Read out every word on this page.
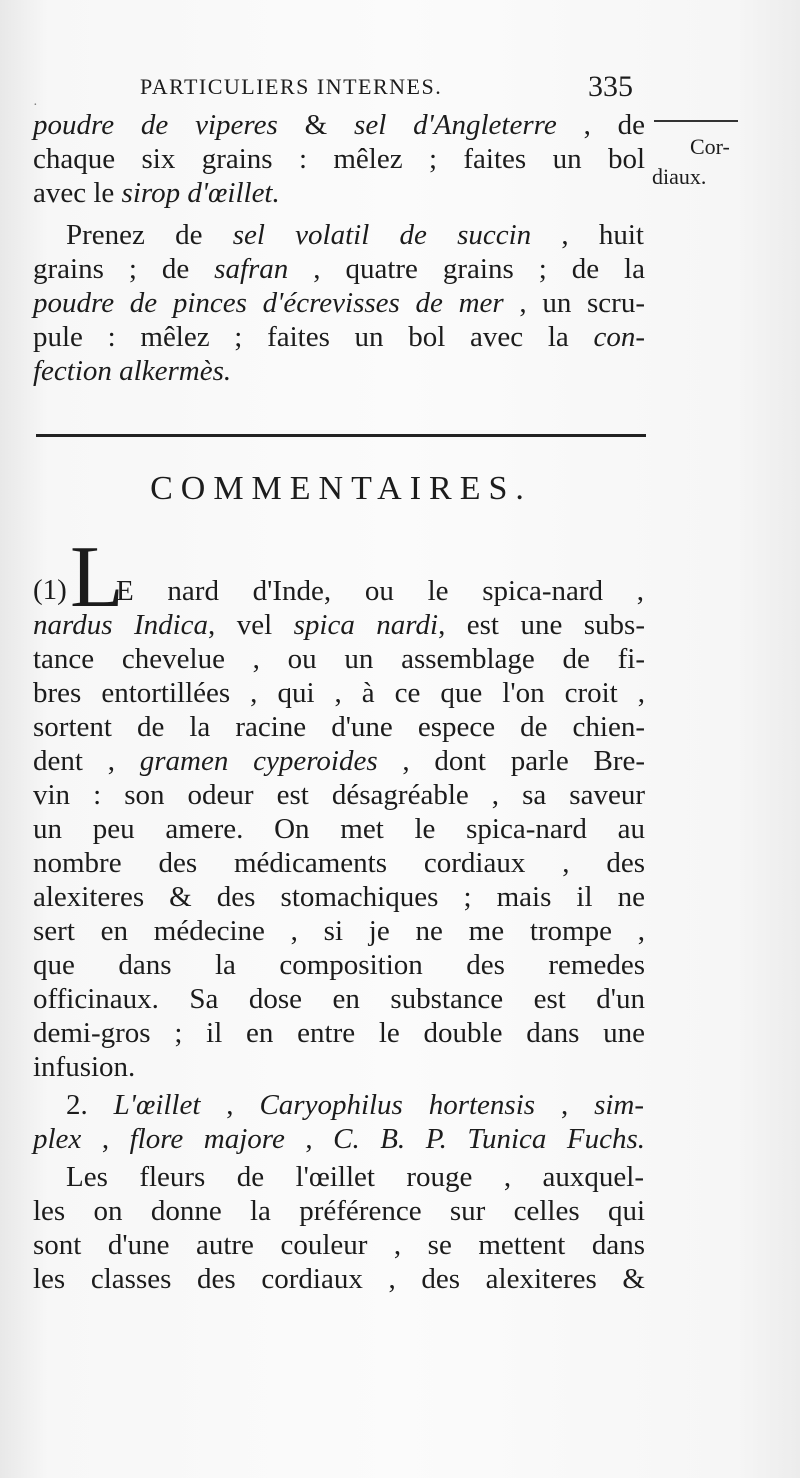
PARTICULIERS INTERNES.	335
·
Cor-
diaux.
poudre de viperes & sel d'Angleterre , de
chaque six grains : mêlez ; faites un bol
avec le sirop d'œillet.
Prenez de sel volatil de succin , huit
grains ; de safran , quatre grains ; de la
poudre de pinces d'écrevisses de mer , un scru-
pule : mêlez ; faites un bol avec la con-
fection alkermès.
COMMENTAIRES.
(1) L
E nard d'Inde, ou le spica-nard ,
nardus Indica, vel spica nardi, est une subs-
tance chevelue , ou un assemblage de fi-
bres entortillées , qui , à ce que l'on croit ,
sortent de la racine d'une espece de chien-
dent , gramen cyperoides , dont parle Bre-
vin : son odeur est désagréable , sa saveur
un peu amere. On met le spica-nard au
nombre des médicaments cordiaux , des
alexiteres & des stomachiques ; mais il ne
sert en médecine , si je ne me trompe ,
que dans la composition des remedes
officinaux. Sa dose en substance est d'un
demi-gros ; il en entre le double dans une
infusion.
2. L'œillet , Caryophilus hortensis , sim-
plex , flore majore , C. B. P. Tunica Fuchs.
Les fleurs de l'œillet rouge , auxquel-
les on donne la préférence sur celles qui
sont d'une autre couleur , se mettent dans
les classes des cordiaux , des alexiteres &
